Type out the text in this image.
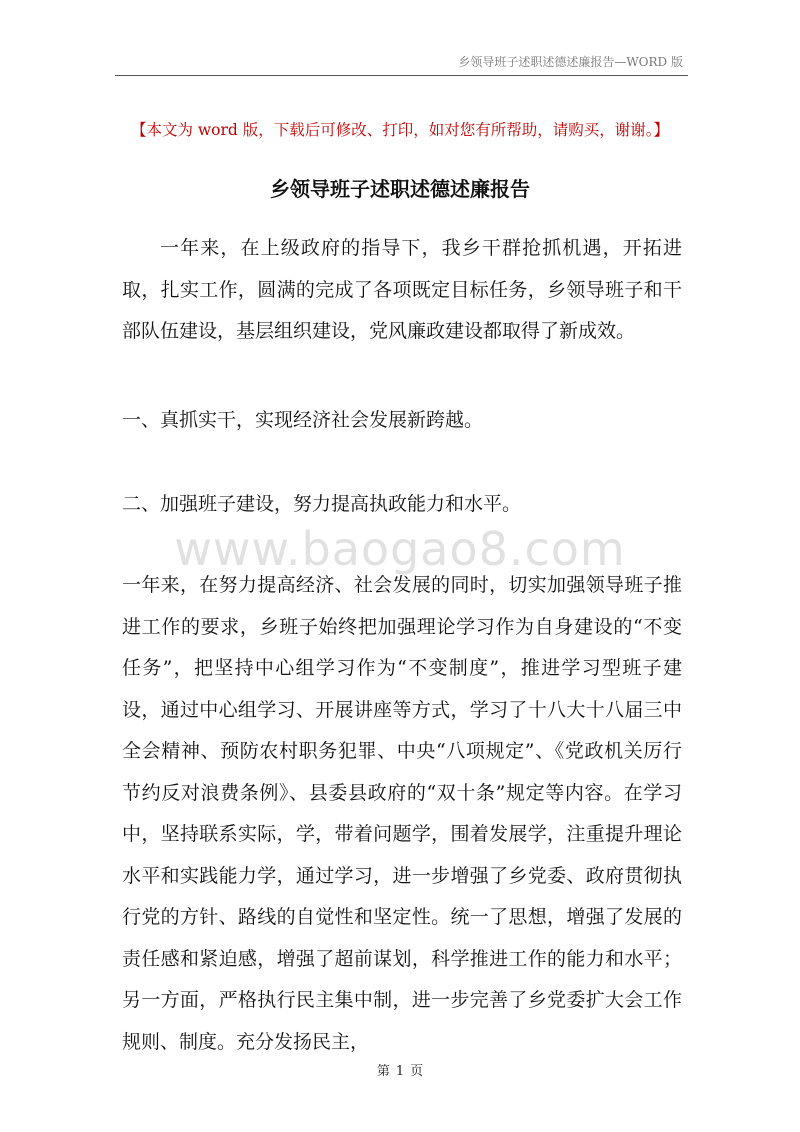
乡领导班子述职述德述廉报告—WORD 版
【本文为 word 版，下载后可修改、打印，如对您有所帮助，请购买，谢谢。】
乡领导班子述职述德述廉报告
一年来，在上级政府的指导下，我乡干群抢抓机遇，开拓进取，扎实工作，圆满的完成了各项既定目标任务，乡领导班子和干部队伍建设，基层组织建设，党风廉政建设都取得了新成效。
一、真抓实干，实现经济社会发展新跨越。
二、加强班子建设，努力提高执政能力和水平。
www.baogao8.com
一年来，在努力提高经济、社会发展的同时，切实加强领导班子推进工作的要求，乡班子始终把加强理论学习作为自身建设的“不变任务”，把坚持中心组学习作为“不变制度”，推进学习型班子建设，通过中心组学习、开展讲座等方式，学习了十八大十八届三中全会精神、预防农村职务犯罪、中央“八项规定”、《党政机关厉行节约反对浪费条例》、县委县政府的“双十条”规定等内容。在学习中，坚持联系实际，学，带着问题学，围着发展学，注重提升理论水平和实践能力学，通过学习，进一步增强了乡党委、政府贯彻执行党的方针、路线的自觉性和坚定性。统一了思想，增强了发展的责任感和紧迫感，增强了超前谋划，科学推进工作的能力和水平；另一方面，严格执行民主集中制，进一步完善了乡党委扩大会工作规则、制度。充分发扬民主，
第 1 页
